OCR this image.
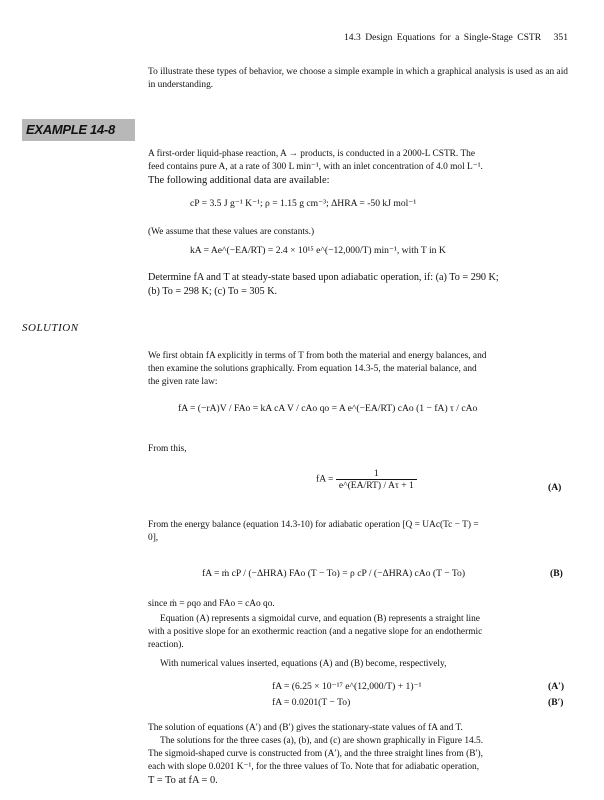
14.3 Design Equations for a Single-Stage CSTR 351
To illustrate these types of behavior, we choose a simple example in which a graphical analysis is used as an aid in understanding.
EXAMPLE 14-8
A first-order liquid-phase reaction, A → products, is conducted in a 2000-L CSTR. The
feed contains pure A, at a rate of 300 L min⁻¹, with an inlet concentration of 4.0 mol L⁻¹.
The following additional data are available:
cP = 3.5 J g⁻¹ K⁻¹; ρ = 1.15 g cm⁻³; ΔHRA = -50 kJ mol⁻¹
(We assume that these values are constants.)
kA = Ae^(−EA/RT) = 2.4 × 10¹⁵ e^(−12,000/T) min⁻¹, with T in K
Determine fA and T at steady-state based upon adiabatic operation, if: (a) To = 290 K;
(b) To = 298 K; (c) To = 305 K.
SOLUTION
We first obtain fA explicitly in terms of T from both the material and energy balances, and
then examine the solutions graphically. From equation 14.3-5, the material balance, and
the given rate law:
fA = (−rA)V / FAo = kA cA V / cAo qo = A e^(−EA/RT) cAo (1 − fA) τ / cAo
From this,
fA = $\frac{1}{e\^{}(EA/RT) / A\tau + 1}$	(A)
From the energy balance (equation 14.3-10) for adiabatic operation [Q = UAc(Tc − T) =
0],
fA = ṁ cP / (−ΔHRA) FAo (T − To) = ρ cP / (−ΔHRA) cAo (T − To)	(B)
since ṁ = ρqo and FAo = cAo qo.
Equation (A) represents a sigmoidal curve, and equation (B) represents a straight line
with a positive slope for an exothermic reaction (and a negative slope for an endothermic
reaction).
With numerical values inserted, equations (A) and (B) become, respectively,
fA = (6.25 × 10⁻¹⁷ e^(12,000/T) + 1)⁻¹	(A′)
fA = 0.0201(T − To)	(B′)
The solution of equations (A′) and (B′) gives the stationary-state values of fA and T.
The solutions for the three cases (a), (b), and (c) are shown graphically in Figure 14.5.
The sigmoid-shaped curve is constructed from (A′), and the three straight lines from (B′),
each with slope 0.0201 K⁻¹, for the three values of To. Note that for adiabatic operation,
T = To at fA = 0.
